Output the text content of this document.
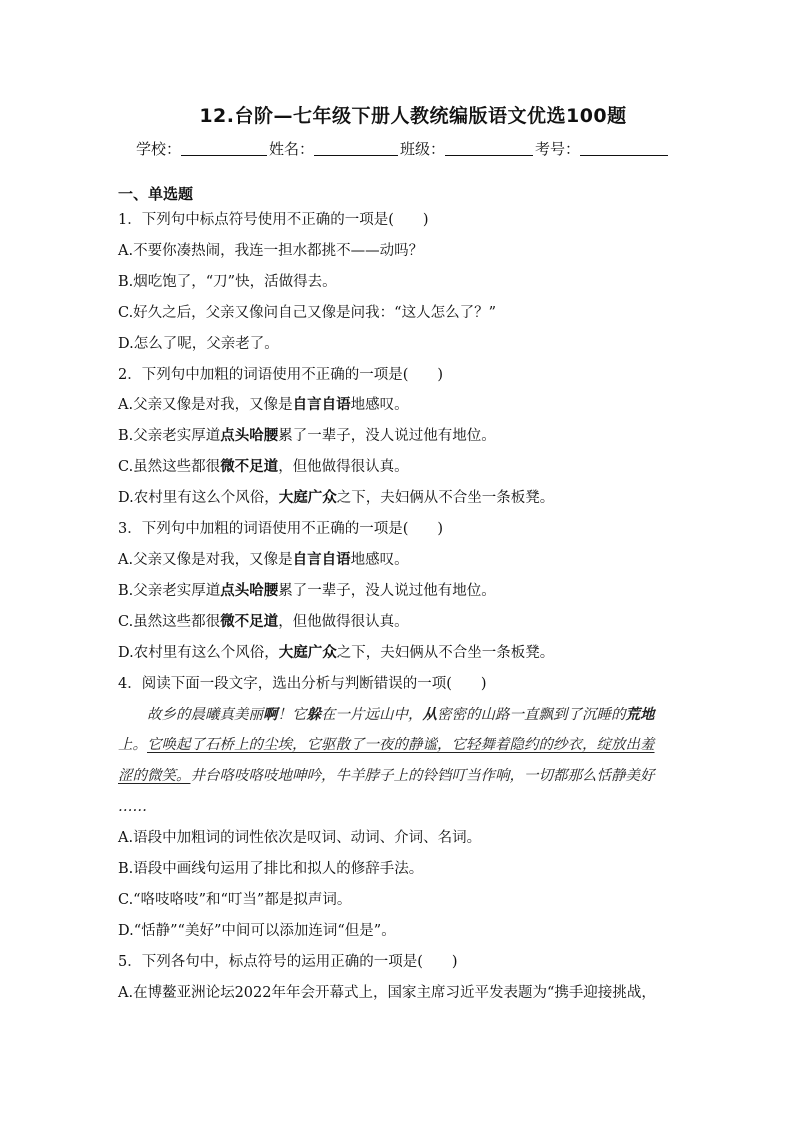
12.台阶—七年级下册人教统编版语文优选100题
学校：	姓名：	班级：	考号：
一、单选题
1．下列句中标点符号使用不正确的一项是(　　)
A.不要你凑热闹，我连一担水都挑不——动吗？
B.烟吃饱了，“刀”快，活做得去。
C.好久之后，父亲又像问自己又像是问我：“这人怎么了？”
D.怎么了呢，父亲老了。
2．下列句中加粗的词语使用不正确的一项是(　　)
A.父亲又像是对我，又像是自言自语地感叹。
B.父亲老实厚道点头哈腰累了一辈子，没人说过他有地位。
C.虽然这些都很微不足道，但他做得很认真。
D.农村里有这么个风俗，大庭广众之下，夫妇俩从不合坐一条板凳。
3．下列句中加粗的词语使用不正确的一项是(　　)
A.父亲又像是对我，又像是自言自语地感叹。
B.父亲老实厚道点头哈腰累了一辈子，没人说过他有地位。
C.虽然这些都很微不足道，但他做得很认真。
D.农村里有这么个风俗，大庭广众之下，夫妇俩从不合坐一条板凳。
4．阅读下面一段文字，选出分析与判断错误的一项(　　)
故乡的晨曦真美丽啊！它躲在一片远山中，从密密的山路一直飘到了沉睡的荒地
上。它唤起了石桥上的尘埃，它驱散了一夜的静谧，它轻舞着隐约的纱衣，绽放出羞
涩的微笑。井台咯吱咯吱地呻吟，牛羊脖子上的铃铛叮当作响，一切都那么恬静美好
……
A.语段中加粗词的词性依次是叹词、动词、介词、名词。
B.语段中画线句运用了排比和拟人的修辞手法。
C.“咯吱咯吱”和“叮当”都是拟声词。
D.“恬静”“美好”中间可以添加连词“但是”。
5．下列各句中，标点符号的运用正确的一项是(　　)
A.在博鳌亚洲论坛2022年年会开幕式上，国家主席习近平发表题为“携手迎接挑战，
